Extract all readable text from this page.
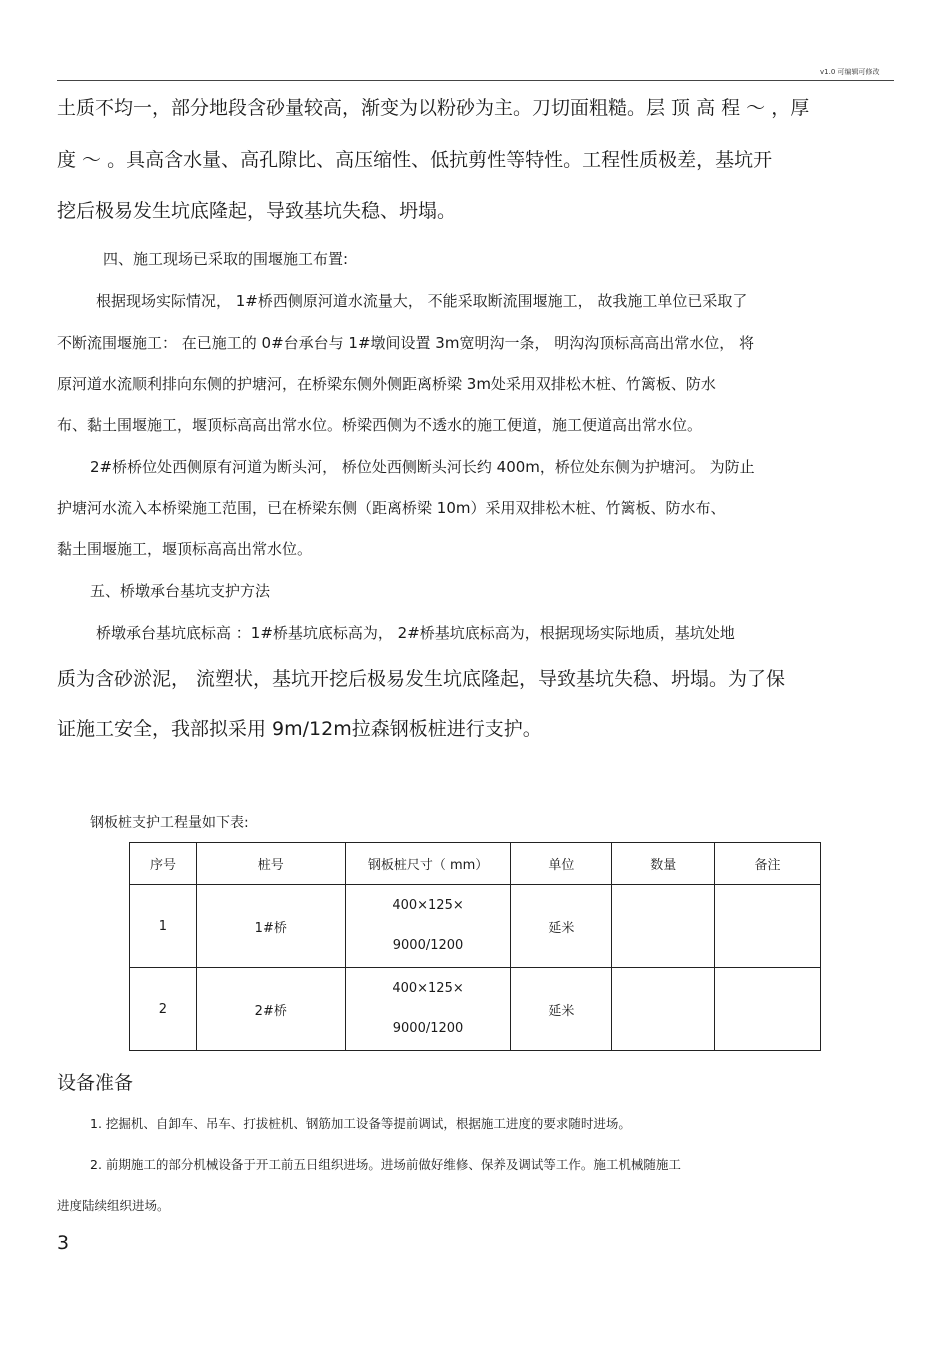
v1.0 可编辑可修改
土质不均一，部分地段含砂量较高，渐变为以粉砂为主。刀切面粗糙。层 顶 高 程 ～ ，厚
度 ～ 。具高含水量、高孔隙比、高压缩性、低抗剪性等特性。工程性质极差，基坑开
挖后极易发生坑底隆起，导致基坑失稳、坍塌。
四、施工现场已采取的围堰施工布置:
根据现场实际情况， 1#桥西侧原河道水流量大， 不能采取断流围堰施工， 故我施工单位已采取了
不断流围堰施工： 在已施工的 0#台承台与 1#墩间设置 3m宽明沟一条， 明沟沟顶标高高出常水位， 将
原河道水流顺利排向东侧的护塘河，在桥梁东侧外侧距离桥梁 3m处采用双排松木桩、竹篱板、防水
布、黏土围堰施工，堰顶标高高出常水位。桥梁西侧为不透水的施工便道，施工便道高出常水位。
2#桥桥位处西侧原有河道为断头河， 桥位处西侧断头河长约 400m，桥位处东侧为护塘河。 为防止
护塘河水流入本桥梁施工范围，已在桥梁东侧（距离桥梁 10m）采用双排松木桩、竹篱板、防水布、
黏土围堰施工，堰顶标高高出常水位。
五、桥墩承台基坑支护方法
桥墩承台基坑底标高 ：1#桥基坑底标高为， 2#桥基坑底标高为，根据现场实际地质，基坑处地
质为含砂淤泥， 流塑状，基坑开挖后极易发生坑底隆起，导致基坑失稳、坍塌。为了保
证施工安全，我部拟采用 9m/12m拉森钢板桩进行支护。
钢板桩支护工程量如下表:
序号	桩号	钢板桩尺寸（ mm）	单位	数量	备注
1	1#桥	400×125×
9000/1200	延米		
2	2#桥	400×125×
9000/1200	延米		
设备准备
1. 挖掘机、自卸车、吊车、打拔桩机、钢筋加工设备等提前调试，根据施工进度的要求随时进场。
2. 前期施工的部分机械设备于开工前五日组织进场。进场前做好维修、保养及调试等工作。施工机械随施工
进度陆续组织进场。
3
